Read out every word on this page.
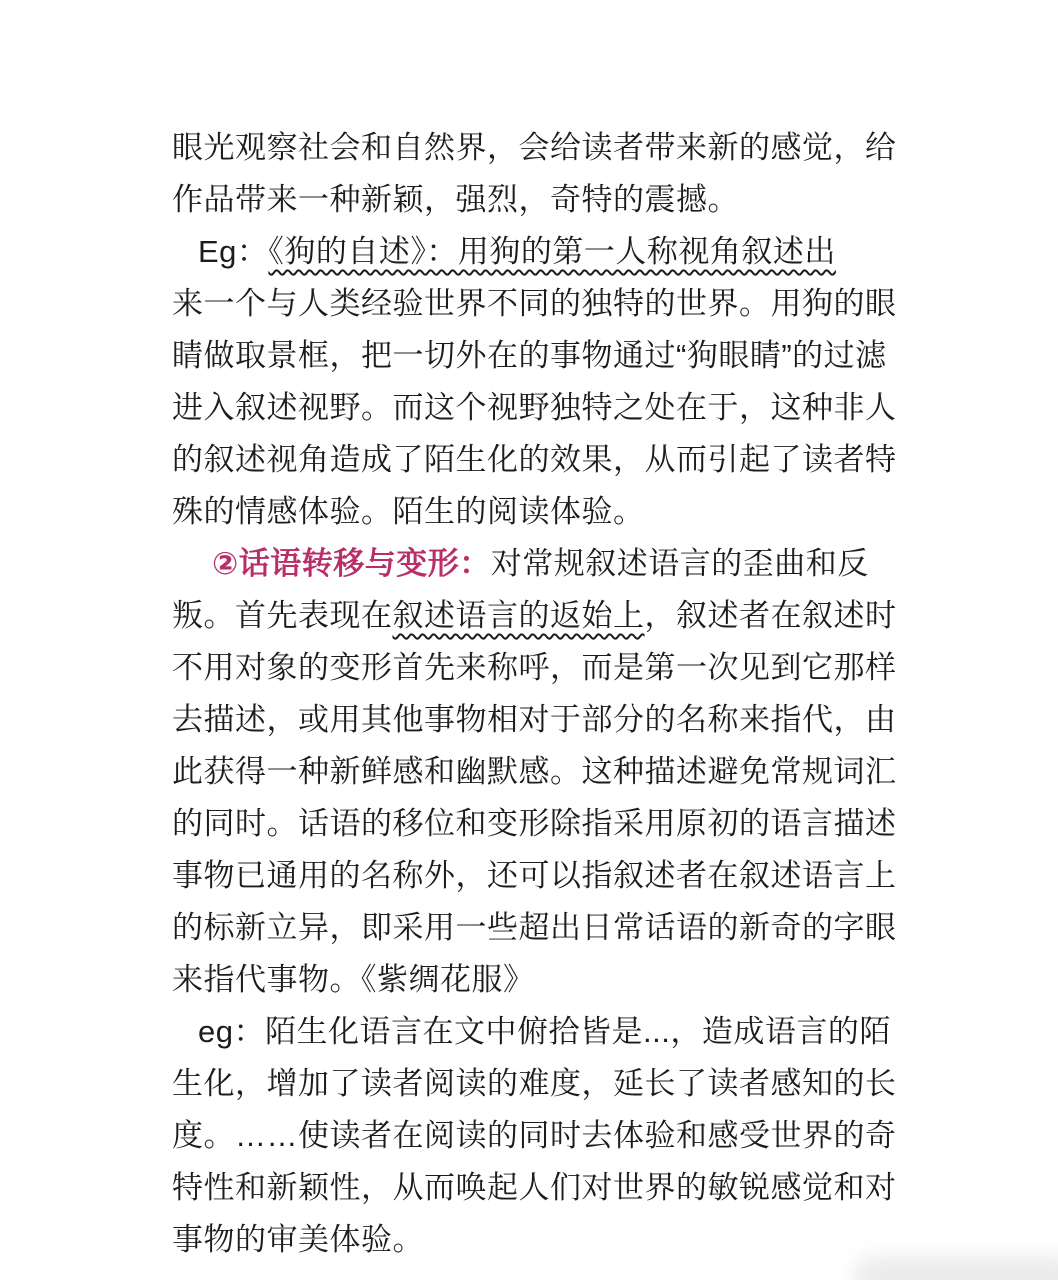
眼光观察社会和自然界，会给读者带来新的感觉，给
作品带来一种新颖，强烈，奇特的震撼。
Eg：《狗的自述》：用狗的第一人称视角叙述出
来一个与人类经验世界不同的独特的世界。用狗的眼
睛做取景框，把一切外在的事物通过“狗眼睛”的过滤
进入叙述视野。而这个视野独特之处在于，这种非人
的叙述视角造成了陌生化的效果，从而引起了读者特
殊的情感体验。陌生的阅读体验。
②话语转移与变形：对常规叙述语言的歪曲和反
叛。首先表现在叙述语言的返始上，叙述者在叙述时
不用对象的变形首先来称呼，而是第一次见到它那样
去描述，或用其他事物相对于部分的名称来指代，由
此获得一种新鲜感和幽默感。这种描述避免常规词汇
的同时。话语的移位和变形除指采用原初的语言描述
事物已通用的名称外，还可以指叙述者在叙述语言上
的标新立异，即采用一些超出日常话语的新奇的字眼
来指代事物。《紫绸花服》
eg：陌生化语言在文中俯拾皆是...，造成语言的陌
生化，增加了读者阅读的难度，延长了读者感知的长
度。……使读者在阅读的同时去体验和感受世界的奇
特性和新颖性，从而唤起人们对世界的敏锐感觉和对
事物的审美体验。
